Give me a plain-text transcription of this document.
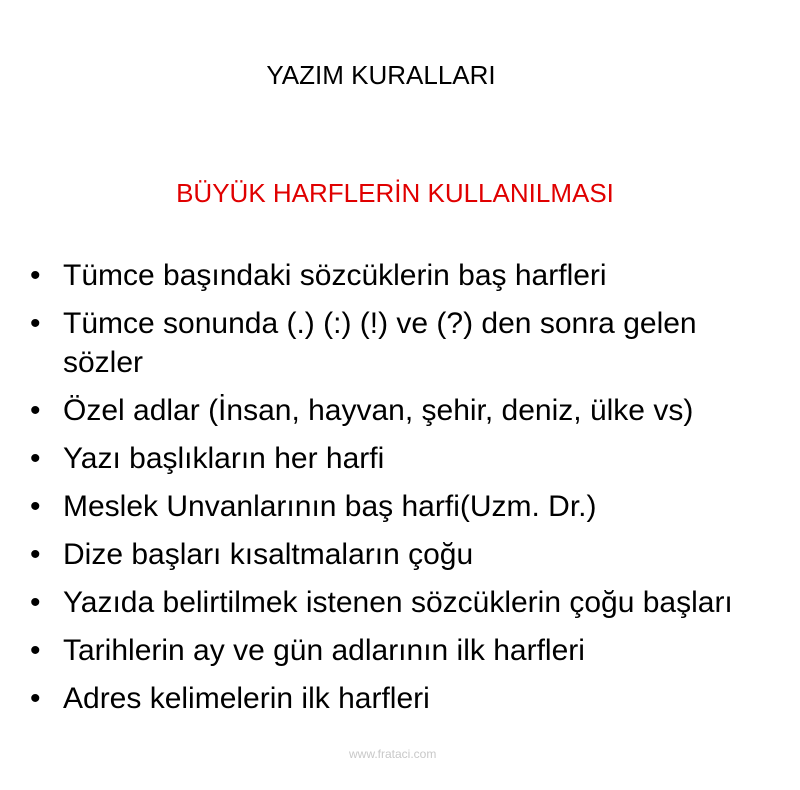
YAZIM KURALLARI
BÜYÜK HARFLERİN KULLANILMASI
• Tümce başındaki sözcüklerin baş harfleri
• Tümce sonunda (.) (:) (!) ve (?) den sonra gelen sözler
• Özel adlar (İnsan, hayvan, şehir, deniz, ülke vs)
• Yazı başlıkların her harfi
• Meslek Unvanlarının baş harfi(Uzm. Dr.)
• Dize başları kısaltmaların çoğu
• Yazıda belirtilmek istenen sözcüklerin çoğu başları
• Tarihlerin ay ve gün adlarının ilk harfleri
• Adres kelimelerin ilk harfleri
www.frataci.com
